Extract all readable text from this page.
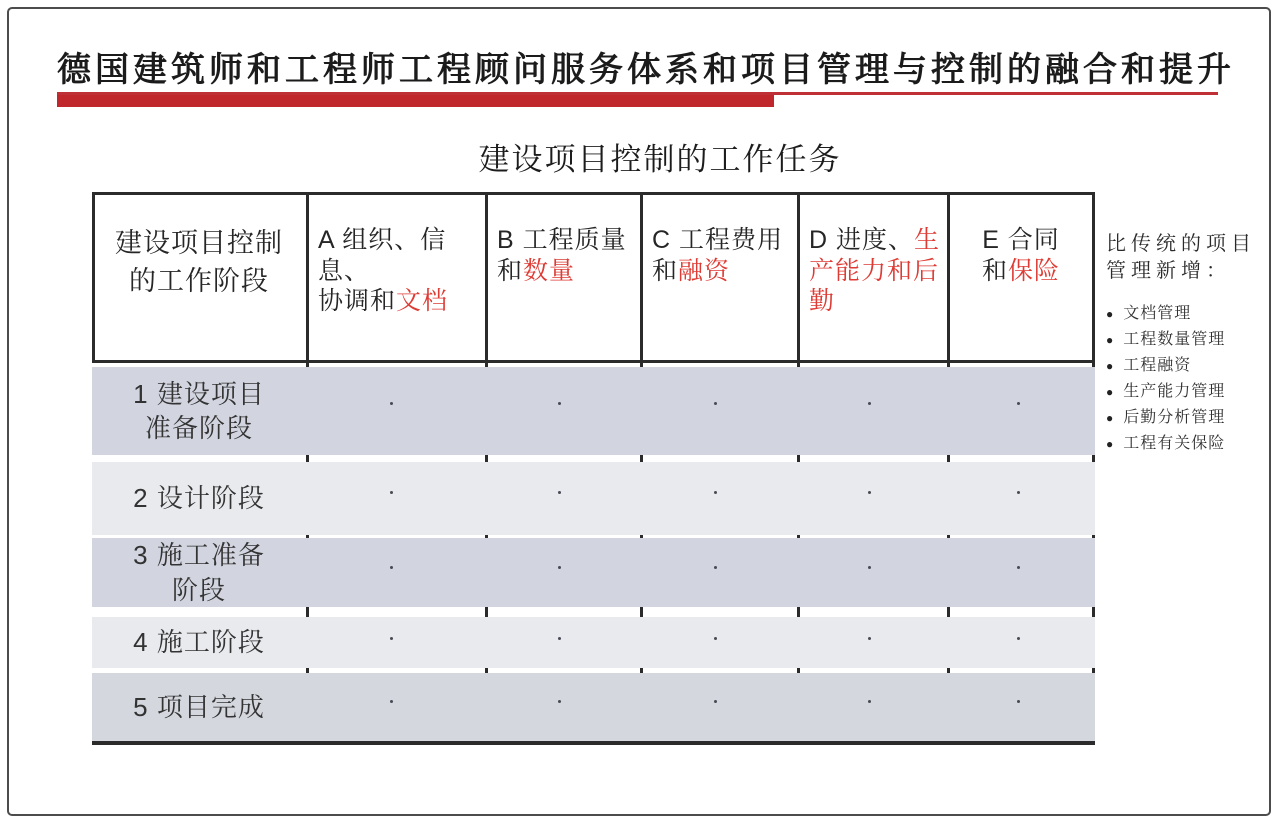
德国建筑师和工程师工程顾问服务体系和项目管理与控制的融合和提升
建设项目控制的工作任务
建设项目控制
的工作阶段
A 组织、信息、
协调和文档
B 工程质量
和数量
C 工程费用
和融资
D 进度、生
产能力和后
勤
E 合同
和保险
1 建设项目
准备阶段
2 设计阶段
3 施工准备
阶段
4 施工阶段
5 项目完成
比传统的项目管理新增：
● 文档管理
● 工程数量管理
● 工程融资
● 生产能力管理
● 后勤分析管理
● 工程有关保险
